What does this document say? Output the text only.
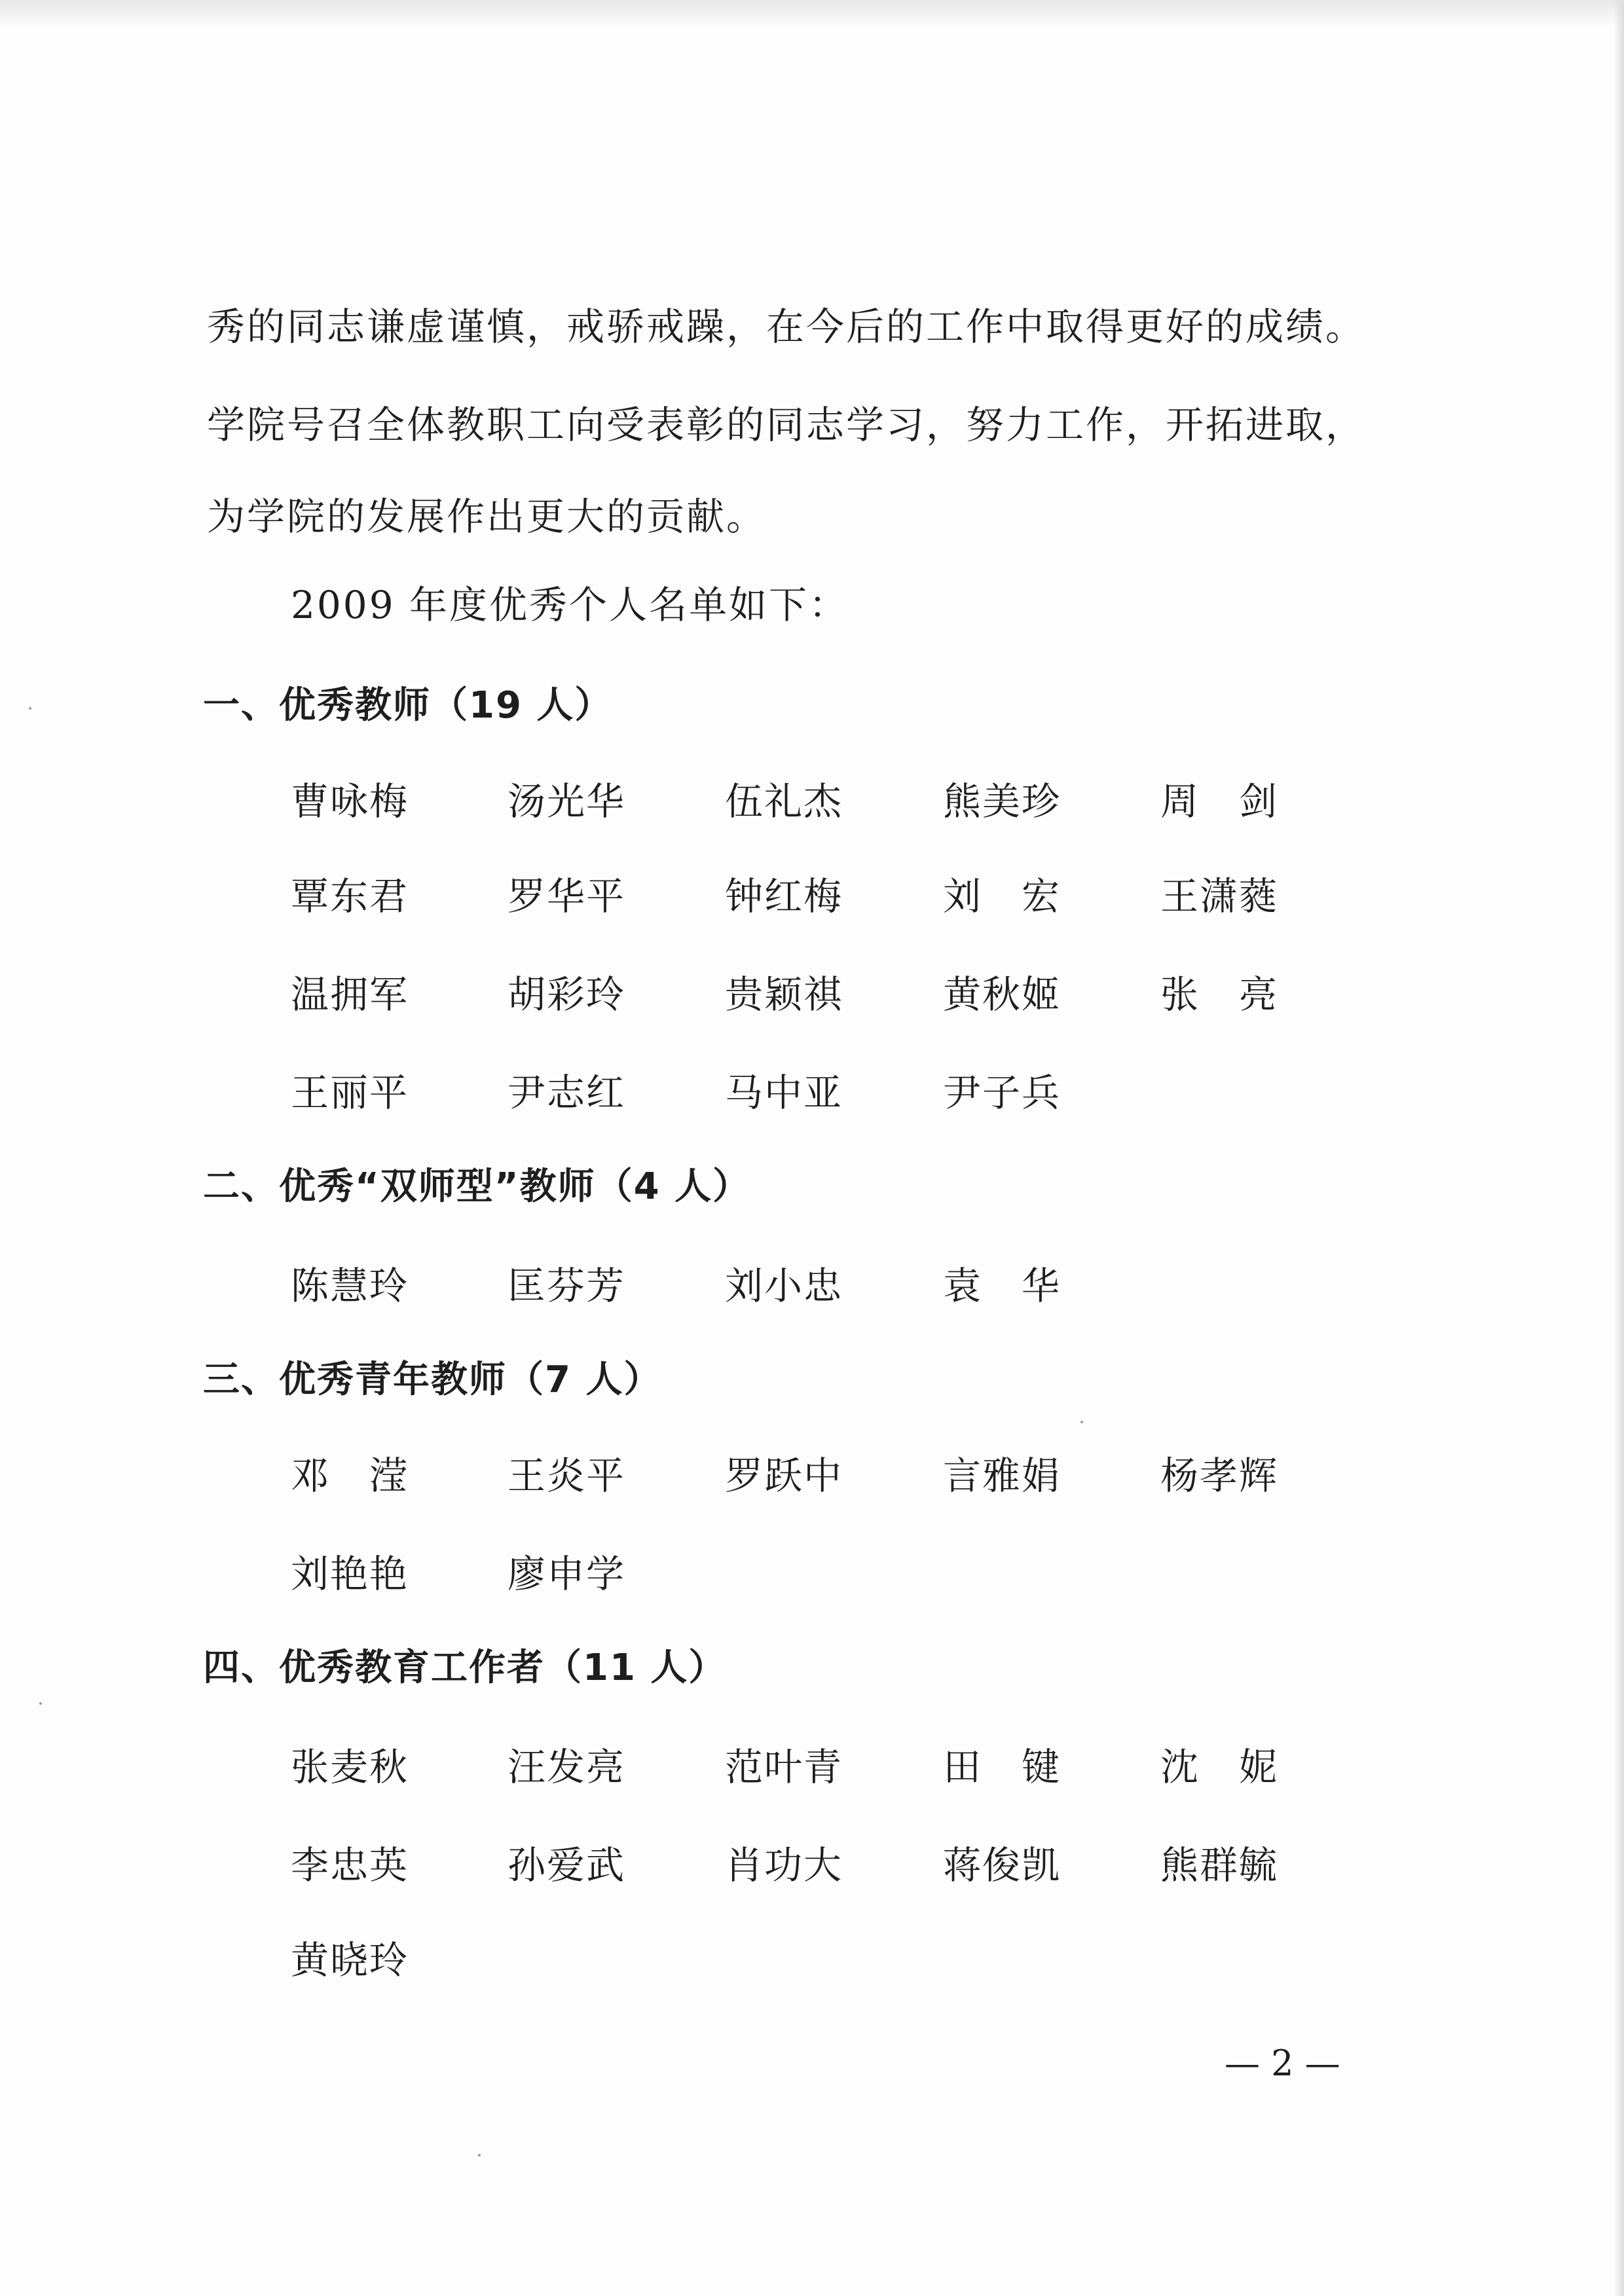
秀的同志谦虚谨慎，戒骄戒躁，在今后的工作中取得更好的成绩。
学院号召全体教职工向受表彰的同志学习，努力工作，开拓进取，
为学院的发展作出更大的贡献。
2009 年度优秀个人名单如下：
一、优秀教师（19 人）
曹咏梅	汤光华	伍礼杰	熊美珍	周　剑
覃东君	罗华平	钟红梅	刘　宏	王潇蕤
温拥军	胡彩玲	贵颖祺	黄秋姬	张　亮
王丽平	尹志红	马中亚	尹子兵
二、优秀“双师型”教师（4 人）
陈慧玲	匡芬芳	刘小忠	袁　华
三、优秀青年教师（7 人）
邓　滢	王炎平	罗跃中	言雅娟	杨孝辉
刘艳艳	廖申学
四、优秀教育工作者（11 人）
张麦秋	汪发亮	范叶青	田　键	沈　妮
李忠英	孙爱武	肖功大	蒋俊凯	熊群毓
黄晓玲
— 2 —
